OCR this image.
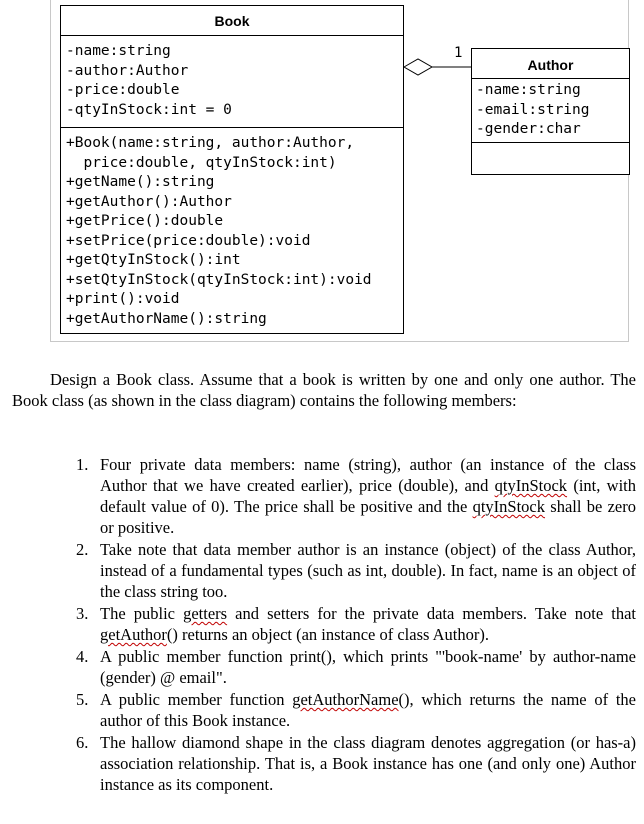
Book
-name:string
-author:Author
-price:double
-qtyInStock:int = 0
+Book(name:string, author:Author,
price:double, qtyInStock:int)
+getName():string
+getAuthor():Author
+getPrice():double
+setPrice(price:double):void
+getQtyInStock():int
+setQtyInStock(qtyInStock:int):void
+print():void
+getAuthorName():string
Author
-name:string
-email:string
-gender:char
1
Design a Book class. Assume that a book is written by one and only one author. The Book class (as shown in the class diagram) contains the following members:
1. Four private data members: name (string), author (an instance of the class Author that we have created earlier), price (double), and qtyInStock (int, with default value of 0). The price shall be positive and the qtyInStock shall be zero or positive.
2. Take note that data member author is an instance (object) of the class Author, instead of a fundamental types (such as int, double). In fact, name is an object of the class string too.
3. The public getters and setters for the private data members. Take note that getAuthor() returns an object (an instance of class Author).
4. A public member function print(), which prints "'book-name' by author-name (gender) @ email".
5. A public member function getAuthorName(), which returns the name of the author of this Book instance.
6. The hallow diamond shape in the class diagram denotes aggregation (or has-a) association relationship. That is, a Book instance has one (and only one) Author instance as its component.
